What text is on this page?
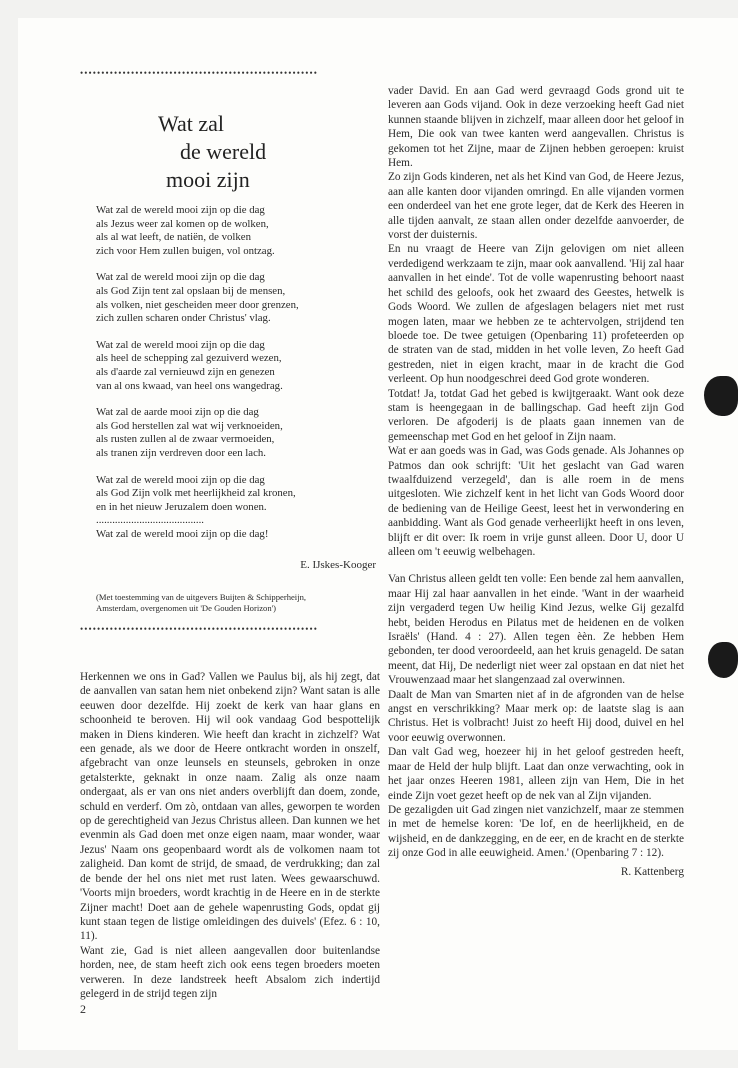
••••••••••••••••••••••••••••••••••••••••••••••••••••••••
Wat zal
de wereld
mooi zijn
Wat zal de wereld mooi zijn op die dag
als Jezus weer zal komen op de wolken,
als al wat leeft, de natiën, de volken
zich voor Hem zullen buigen, vol ontzag.
Wat zal de wereld mooi zijn op die dag
als God Zijn tent zal opslaan bij de mensen,
als volken, niet gescheiden meer door grenzen,
zich zullen scharen onder Christus' vlag.
Wat zal de wereld mooi zijn op die dag
als heel de schepping zal gezuiverd wezen,
als d'aarde zal vernieuwd zijn en genezen
van al ons kwaad, van heel ons wangedrag.
Wat zal de aarde mooi zijn op die dag
als God herstellen zal wat wij verknoeiden,
als rusten zullen al de zwaar vermoeiden,
als tranen zijn verdreven door een lach.
Wat zal de wereld mooi zijn op die dag
als God Zijn volk met heerlijkheid zal kronen,
en in het nieuw Jeruzalem doen wonen.
........................................
Wat zal de wereld mooi zijn op die dag!
E. IJskes-Kooger
(Met toestemming van de uitgevers Buijten & Schipperheijn,
Amsterdam, overgenomen uit 'De Gouden Horizon')
••••••••••••••••••••••••••••••••••••••••••••••••••••••••

Herkennen we ons in Gad? Vallen we Paulus bij, als hij zegt, dat de aanvallen van satan hem niet onbekend zijn? Want satan is alle eeuwen door dezelfde. Hij zoekt de kerk van haar glans en schoonheid te beroven. Hij wil ook vandaag God bespottelijk maken in Diens kinderen. Wie heeft dan kracht in zichzelf? Wat een genade, als we door de Heere ontkracht worden in onszelf, afgebracht van onze leunsels en steunsels, gebroken in onze getalsterkte, geknakt in onze naam. Zalig als onze naam ondergaat, als er van ons niet anders overblijft dan doem, zonde, schuld en verderf. Om zò, ontdaan van alles, geworpen te worden op de gerechtigheid van Jezus Christus alleen. Dan kunnen we het evenmin als Gad doen met onze eigen naam, maar wonder, waar Jezus' Naam ons geopenbaard wordt als de volkomen naam tot zaligheid. Dan komt de strijd, de smaad, de verdrukking; dan zal de bende der hel ons niet met rust laten. Wees gewaarschuwd. 'Voorts mijn broeders, wordt krachtig in de Heere en in de sterkte Zijner macht! Doet aan de gehele wapenrusting Gods, opdat gij kunt staan tegen de listige omleidingen des duivels' (Efez. 6 : 10, 11).

Want zie, Gad is niet alleen aangevallen door buitenlandse horden, nee, de stam heeft zich ook eens tegen broeders moeten verweren. In deze landstreek heeft Absalom zich indertijd gelegerd in de strijd tegen zijn

vader David. En aan Gad werd gevraagd Gods grond uit te leveren aan Gods vijand. Ook in deze verzoeking heeft Gad niet kunnen staande blijven in zichzelf, maar alleen door het geloof in Hem, Die ook van twee kanten werd aangevallen. Christus is gekomen tot het Zijne, maar de Zijnen hebben geroepen: kruist Hem.

Zo zijn Gods kinderen, net als het Kind van God, de Heere Jezus, aan alle kanten door vijanden omringd. En alle vijanden vormen een onderdeel van het ene grote leger, dat de Kerk des Heeren in alle tijden aanvalt, ze staan allen onder dezelfde aanvoerder, de vorst der duisternis.

En nu vraagt de Heere van Zijn gelovigen om niet alleen verdedigend werkzaam te zijn, maar ook aanvallend. 'Hij zal haar aanvallen in het einde'. Tot de volle wapenrusting behoort naast het schild des geloofs, ook het zwaard des Geestes, hetwelk is Gods Woord. We zullen de afgeslagen belagers niet met rust mogen laten, maar we hebben ze te achtervolgen, strijdend ten bloede toe. De twee getuigen (Openbaring 11) profeteerden op de straten van de stad, midden in het volle leven, Zo heeft Gad gestreden, niet in eigen kracht, maar in de kracht die God verleent. Op hun noodgeschrei deed God grote wonderen.

Totdat! Ja, totdat Gad het gebed is kwijtgeraakt. Want ook deze stam is heengegaan in de ballingschap. Gad heeft zijn God verloren. De afgoderij is de plaats gaan innemen van de gemeenschap met God en het geloof in Zijn naam.

Wat er aan goeds was in Gad, was Gods genade. Als Johannes op Patmos dan ook schrijft: 'Uit het geslacht van Gad waren twaalfduizend verzegeld', dan is alle roem in de mens uitgesloten. Wie zichzelf kent in het licht van Gods Woord door de bediening van de Heilige Geest, leest het in verwondering en aanbidding. Want als God genade verheerlijkt heeft in ons leven, blijft er dit over: Ik roem in vrije gunst alleen. Door U, door U alleen om 't eeuwig welbehagen.

Van Christus alleen geldt ten volle: Een bende zal hem aanvallen, maar Hij zal haar aanvallen in het einde. 'Want in der waarheid zijn vergaderd tegen Uw heilig Kind Jezus, welke Gij gezalfd hebt, beiden Herodus en Pilatus met de heidenen en de volken Israëls' (Hand. 4 : 27). Allen tegen èèn. Ze hebben Hem gebonden, ter dood veroordeeld, aan het kruis genageld. De satan meent, dat Hij, De nederligt niet weer zal opstaan en dat niet het Vrouwenzaad maar het slangenzaad zal overwinnen.

Daalt de Man van Smarten niet af in de afgronden van de helse angst en verschrikking? Maar merk op: de laatste slag is aan Christus. Het is volbracht! Juist zo heeft Hij dood, duivel en hel voor eeuwig overwonnen.

Dan valt Gad weg, hoezeer hij in het geloof gestreden heeft, maar de Held der hulp blijft. Laat dan onze verwachting, ook in het jaar onzes Heeren 1981, alleen zijn van Hem, Die in het einde Zijn voet gezet heeft op de nek van al Zijn vijanden.

De gezaligden uit Gad zingen niet vanzichzelf, maar ze stemmen in met de hemelse koren: 'De lof, en de heerlijkheid, en de wijsheid, en de dankzegging, en de eer, en de kracht en de sterkte zij onze God in alle eeuwigheid. Amen.' (Openbaring 7 : 12).

R. Kattenberg
2
